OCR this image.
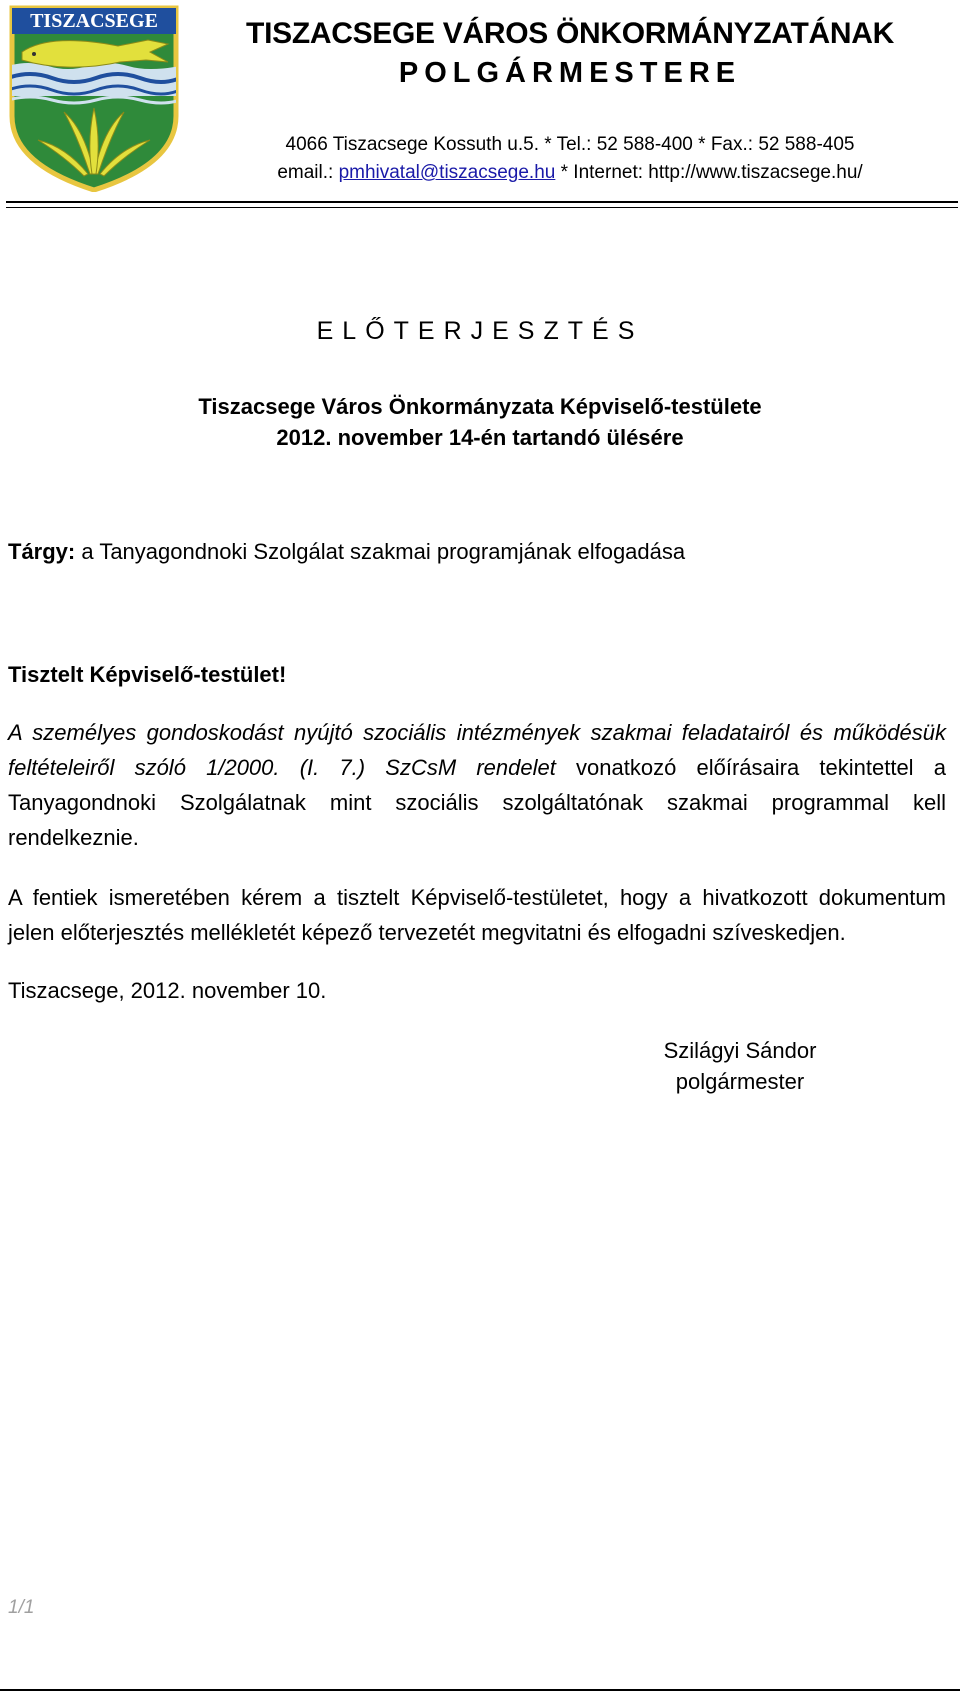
TISZACSEGE	TISZACSEGE VÁROS ÖNKORMÁNYZATÁNAK
POLGÁRMESTERE
4066 Tiszacsege Kossuth u.5. * Tel.: 52 588-400 * Fax.: 52 588-405
email.: pmhivatal@tiszacsege.hu * Internet: http://www.tiszacsege.hu/
ELŐTERJESZTÉS
Tiszacsege Város Önkormányzata Képviselő-testülete
2012. november 14-én tartandó ülésére
Tárgy: a Tanyagondnoki Szolgálat szakmai programjának elfogadása
Tisztelt Képviselő-testület!
A személyes gondoskodást nyújtó szociális intézmények szakmai feladatairól és működésük feltételeiről szóló 1/2000. (I. 7.) SzCsM rendelet vonatkozó előírásaira tekintettel a Tanyagondnoki Szolgálatnak mint szociális szolgáltatónak szakmai programmal kell rendelkeznie.
A fentiek ismeretében kérem a tisztelt Képviselő-testületet, hogy a hivatkozott dokumentum jelen előterjesztés mellékletét képező tervezetét megvitatni és elfogadni szíveskedjen.
Tiszacsege, 2012. november 10.
Szilágyi Sándor
polgármester
1/1
